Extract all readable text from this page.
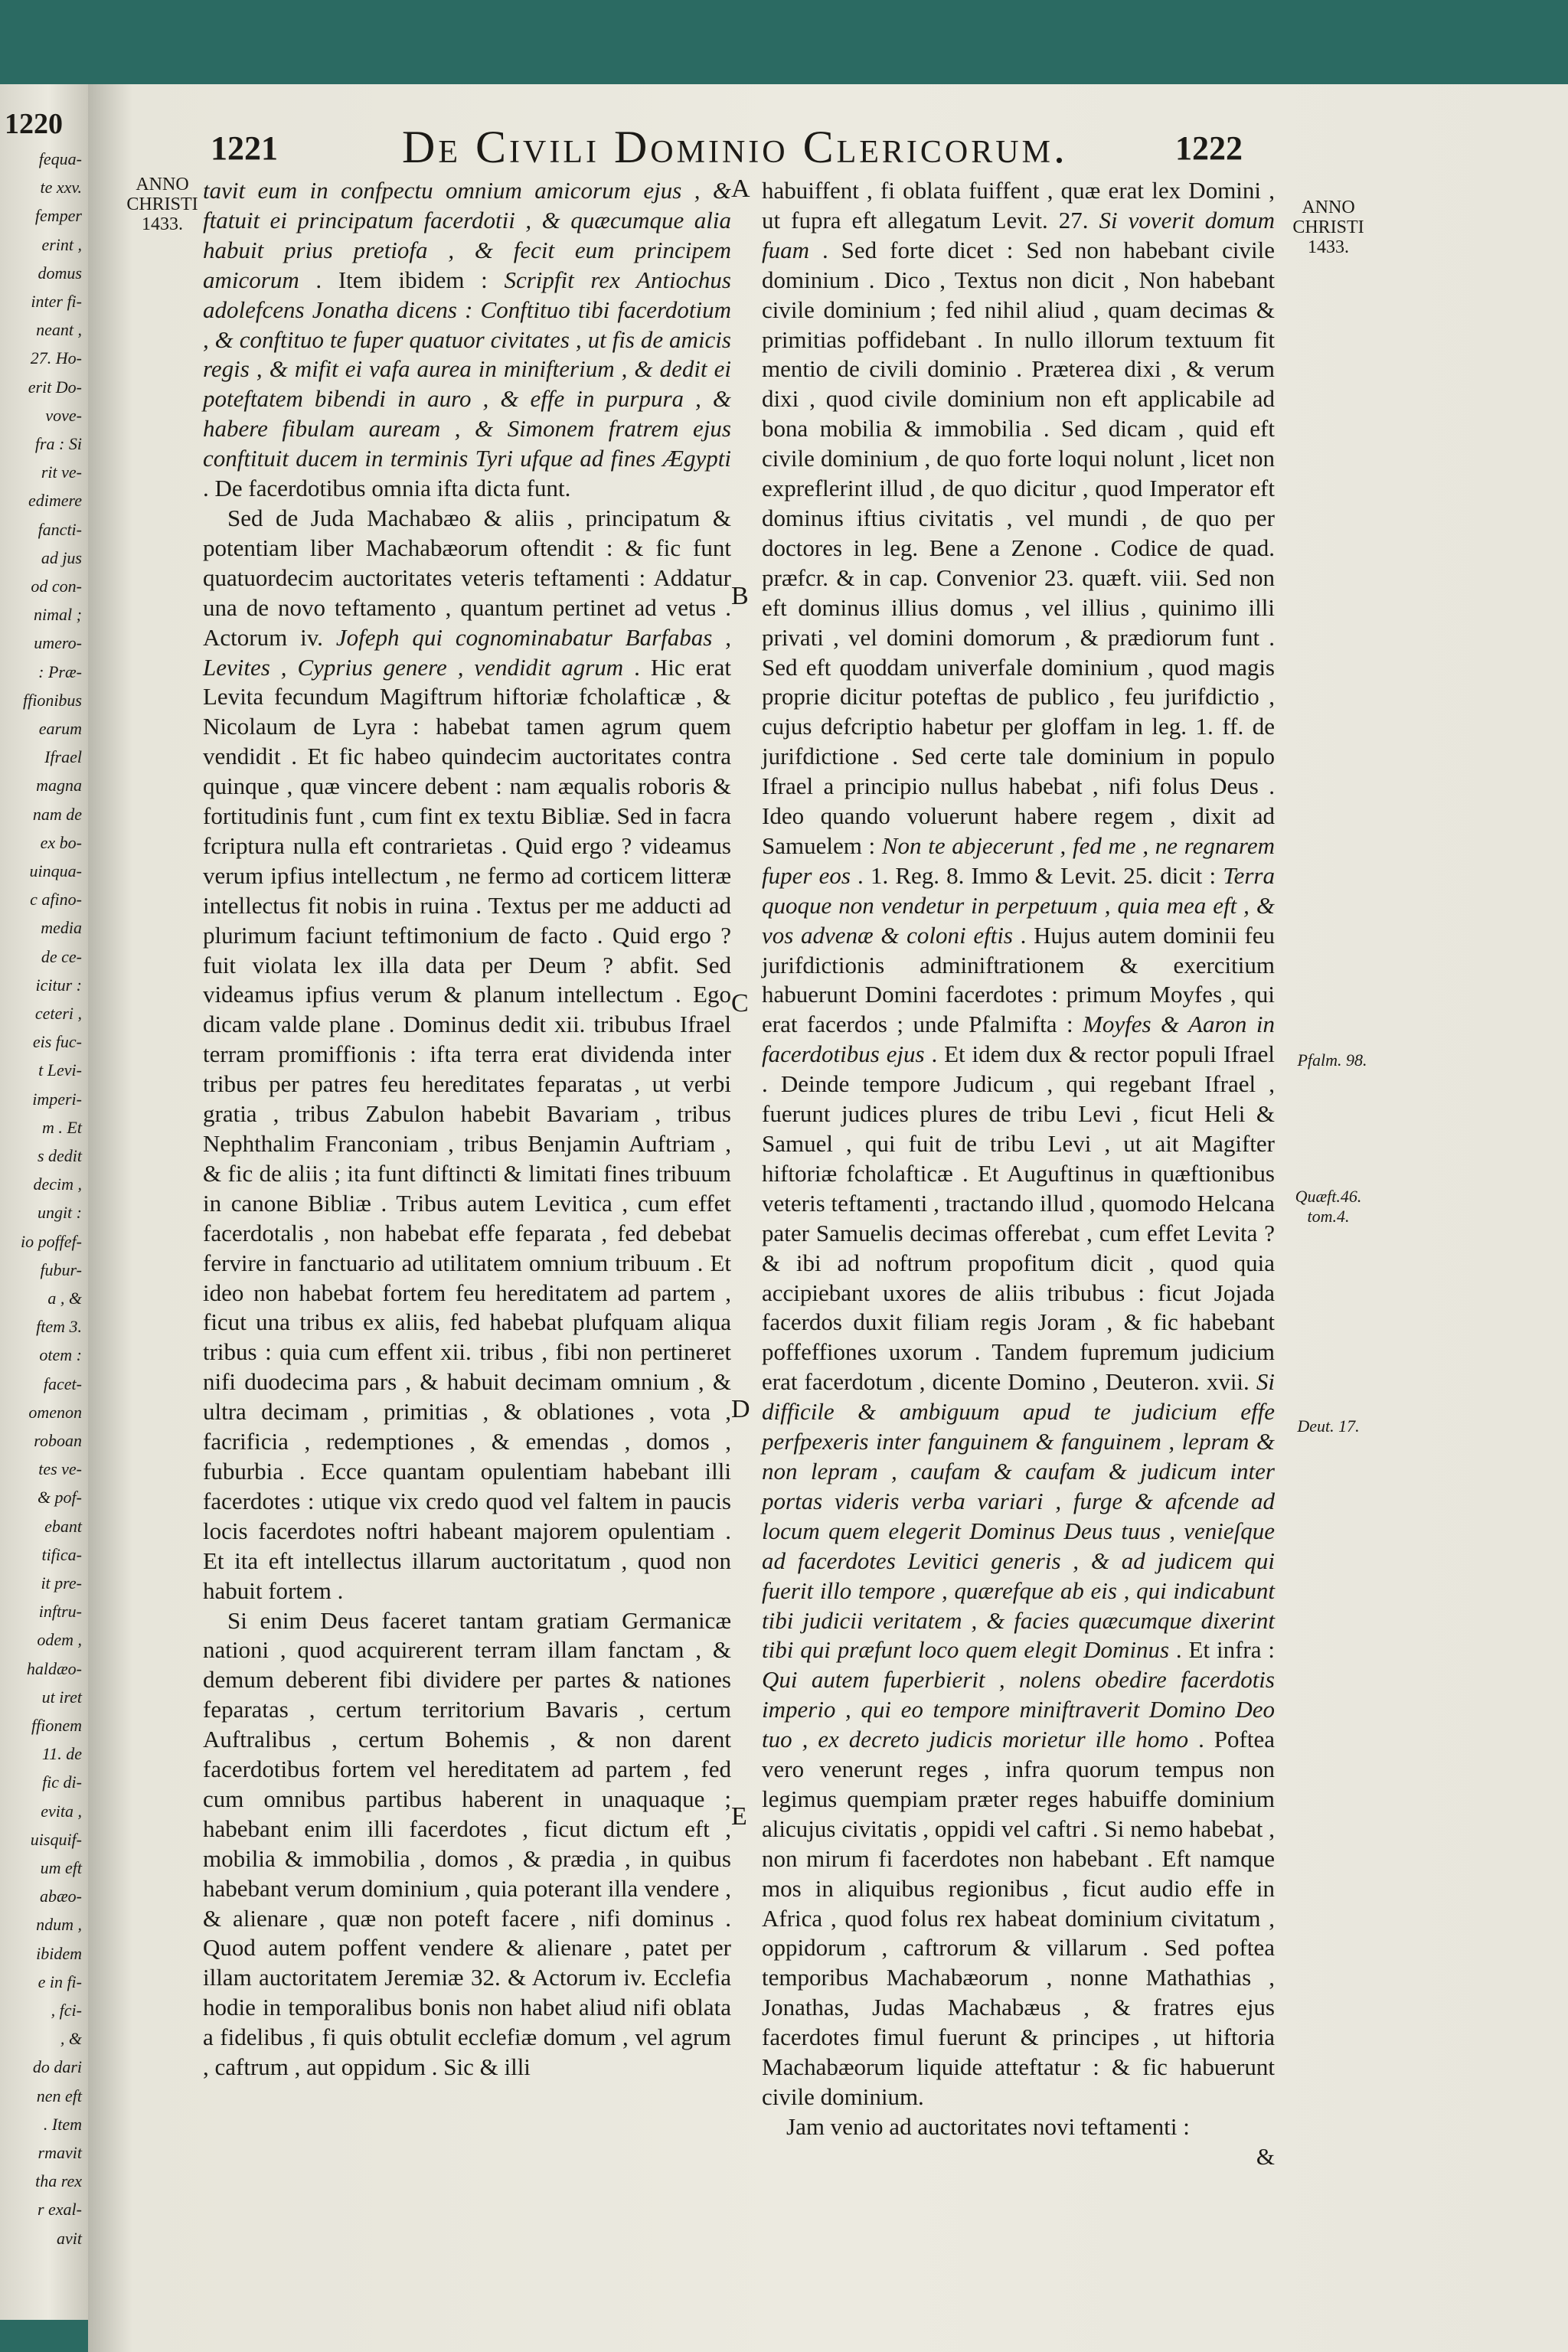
1220
fequa-
te xxv.
femper
erint ,
domus
inter fi-
neant ,
27. Ho-
erit Do-
vove-
fra : Si
rit ve-
edimere
fancti-
ad jus
od con-
nimal ;
umero-
: Præ-
ffionibus
earum
Ifrael
magna
nam de
ex bo-
uinqua-
c afino-
media
de ce-
icitur :
ceteri ,
eis fuc-
t Levi-
imperi-
m . Et
s dedit
decim ,
ungit :
io poffef-
fubur-
a , &
ftem 3.
otem :
facet-
omenon
roboan
tes ve-
& pof-
ebant
tifica-
it pre-
inftru-
odem ,
haldæo-
ut iret
ffionem
11. de
fic di-
evita ,
uisquif-
um eft
abæo-
ndum ,
ibidem
e in fi-
, fci-
, &
do dari
nen eft
. Item
rmavit
tha rex
r exal-
avit
1221	De Civili Dominio Clericorum.	1222
ANNO
CHRISTI
1433.
ANNO
CHRISTI
1433.
Pfalm. 98.
Quæft.46. tom.4.
Deut. 17.
A
B
C
D
E

tavit eum in confpectu omnium amicorum ejus , & ftatuit ei principatum facerdotii , & quæcumque alia habuit prius pretiofa , & fecit eum principem amicorum . Item ibidem : Scripfit rex Antiochus adolefcens Jonatha dicens : Conftituo tibi facerdotium , & conftituo te fuper quatuor civitates , ut fis de amicis regis , & mifit ei vafa aurea in minifterium , & dedit ei poteftatem bibendi in auro , & effe in purpura , & habere fibulam auream , & Simonem fratrem ejus conftituit ducem in terminis Tyri ufque ad fines Ægypti . De facerdotibus omnia ifta dicta funt.

Sed de Juda Machabæo & aliis , principatum & potentiam liber Machabæorum oftendit : & fic funt quatuordecim auctoritates veteris teftamenti : Addatur una de novo teftamento , quantum pertinet ad vetus . Actorum iv. Jofeph qui cognominabatur Barfabas , Levites , Cyprius genere , vendidit agrum . Hic erat Levita fecundum Magiftrum hiftoriæ fcholafticæ , & Nicolaum de Lyra : habebat tamen agrum quem vendidit . Et fic habeo quindecim auctoritates contra quinque , quæ vincere debent : nam æqualis roboris & fortitudinis funt , cum fint ex textu Bibliæ. Sed in facra fcriptura nulla eft contrarietas . Quid ergo ? videamus verum ipfius intellectum , ne fermo ad corticem litteræ intellectus fit nobis in ruina . Textus per me adducti ad plurimum faciunt teftimonium de facto . Quid ergo ? fuit violata lex illa data per Deum ? abfit. Sed videamus ipfius verum & planum intellectum . Ego dicam valde plane . Dominus dedit xii. tribubus Ifrael terram promiffionis : ifta terra erat dividenda inter tribus per patres feu hereditates feparatas , ut verbi gratia , tribus Zabulon habebit Bavariam , tribus Nephthalim Franconiam , tribus Benjamin Auftriam , & fic de aliis ; ita funt diftincti & limitati fines tribuum in canone Bibliæ . Tribus autem Levitica , cum effet facerdotalis , non habebat effe feparata , fed debebat fervire in fanctuario ad utilitatem omnium tribuum . Et ideo non habebat fortem feu hereditatem ad partem , ficut una tribus ex aliis, fed habebat plufquam aliqua tribus : quia cum effent xii. tribus , fibi non pertineret nifi duodecima pars , & habuit decimam omnium , & ultra decimam , primitias , & oblationes , vota , facrificia , redemptiones , & emendas , domos , fuburbia . Ecce quantam opulentiam habebant illi facerdotes : utique vix credo quod vel faltem in paucis locis facerdotes noftri habeant majorem opulentiam . Et ita eft intellectus illarum auctoritatum , quod non habuit fortem .

Si enim Deus faceret tantam gratiam Germanicæ nationi , quod acquirerent terram illam fanctam , & demum deberent fibi dividere per partes & nationes feparatas , certum territorium Bavaris , certum Auftralibus , certum Bohemis , & non darent facerdotibus fortem vel hereditatem ad partem , fed cum omnibus partibus haberent in unaquaque ; habebant enim illi facerdotes , ficut dictum eft , mobilia & immobilia , domos , & prædia , in quibus habebant verum dominium , quia poterant illa vendere , & alienare , quæ non poteft facere , nifi dominus . Quod autem poffent vendere & alienare , patet per illam auctoritatem Jeremiæ 32. & Actorum iv. Ecclefia hodie in temporalibus bonis non habet aliud nifi oblata a fidelibus , fi quis obtulit ecclefiæ domum , vel agrum , caftrum , aut oppidum . Sic & illi

habuiffent , fi oblata fuiffent , quæ erat lex Domini , ut fupra eft allegatum Levit. 27. Si voverit domum fuam . Sed forte dicet : Sed non habebant civile dominium . Dico , Textus non dicit , Non habebant civile dominium ; fed nihil aliud , quam decimas & primitias poffidebant . In nullo illorum textuum fit mentio de civili dominio . Præterea dixi , & verum dixi , quod civile dominium non eft applicabile ad bona mobilia & immobilia . Sed dicam , quid eft civile dominium , de quo forte loqui nolunt , licet non expreflerint illud , de quo dicitur , quod Imperator eft dominus iftius civitatis , vel mundi , de quo per doctores in leg. Bene a Zenone . Codice de quad. præfcr. & in cap. Convenior 23. quæft. viii. Sed non eft dominus illius domus , vel illius , quinimo illi privati , vel domini domorum , & prædiorum funt . Sed eft quoddam univerfale dominium , quod magis proprie dicitur poteftas de publico , feu jurifdictio , cujus defcriptio habetur per gloffam in leg. 1. ff. de jurifdictione . Sed certe tale dominium in populo Ifrael a principio nullus habebat , nifi folus Deus . Ideo quando voluerunt habere regem , dixit ad Samuelem : Non te abjecerunt , fed me , ne regnarem fuper eos . 1. Reg. 8. Immo & Levit. 25. dicit : Terra quoque non vendetur in perpetuum , quia mea eft , & vos advenæ & coloni eftis . Hujus autem dominii feu jurifdictionis adminiftrationem & exercitium habuerunt Domini facerdotes : primum Moyfes , qui erat facerdos ; unde Pfalmifta : Moyfes & Aaron in facerdotibus ejus . Et idem dux & rector populi Ifrael . Deinde tempore Judicum , qui regebant Ifrael , fuerunt judices plures de tribu Levi , ficut Heli & Samuel , qui fuit de tribu Levi , ut ait Magifter hiftoriæ fcholafticæ . Et Auguftinus in quæftionibus veteris teftamenti , tractando illud , quomodo Helcana pater Samuelis decimas offerebat , cum effet Levita ? & ibi ad noftrum propofitum dicit , quod quia accipiebant uxores de aliis tribubus : ficut Jojada facerdos duxit filiam regis Joram , & fic habebant poffeffiones uxorum . Tandem fupremum judicium erat facerdotum , dicente Domino , Deuteron. xvii. Si difficile & ambiguum apud te judicium effe perfpexeris inter fanguinem & fanguinem , lepram & non lepram , caufam & caufam & judicum inter portas videris verba variari , furge & afcende ad locum quem elegerit Dominus Deus tuus , venieſque ad facerdotes Levitici generis , & ad judicem qui fuerit illo tempore , quærefque ab eis , qui indicabunt tibi judicii veritatem , & facies quæcumque dixerint tibi qui præfunt loco quem elegit Dominus . Et infra : Qui autem fuperbierit , nolens obedire facerdotis imperio , qui eo tempore miniftraverit Domino Deo tuo , ex decreto judicis morietur ille homo . Poftea vero venerunt reges , infra quorum tempus non legimus quempiam præter reges habuiffe dominium alicujus civitatis , oppidi vel caftri . Si nemo habebat , non mirum fi facerdotes non habebant . Eft namque mos in aliquibus regionibus , ficut audio effe in Africa , quod folus rex habeat dominium civitatum , oppidorum , caftrorum & villarum . Sed poftea temporibus Machabæorum , nonne Mathathias , Jonathas, Judas Machabæus , & fratres ejus facerdotes fimul fuerunt & principes , ut hiftoria Machabæorum liquide atteftatur : & fic habuerunt civile dominium.

Jam venio ad auctoritates novi teftamenti :

&
